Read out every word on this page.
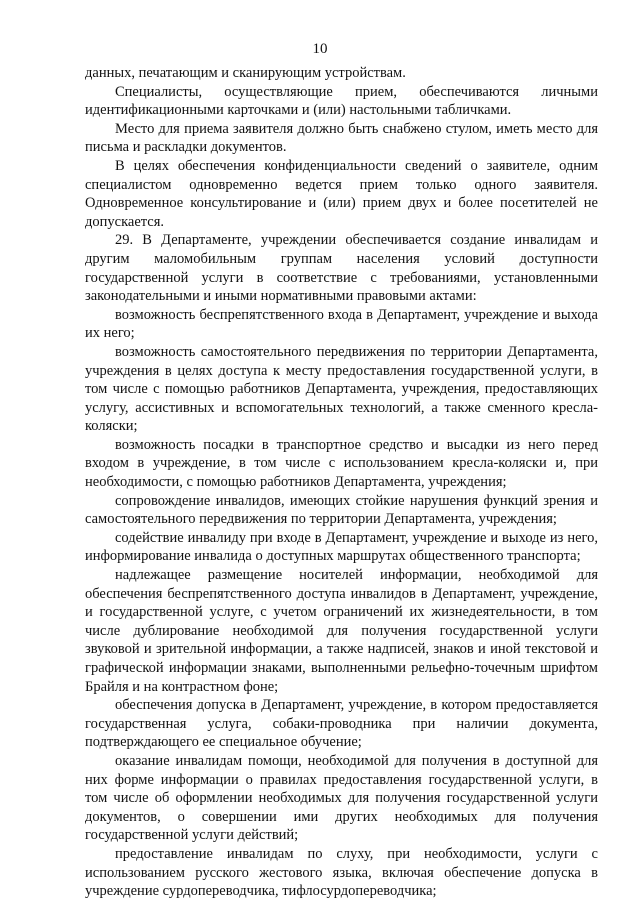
10

данных, печатающим и сканирующим устройствам.

Специалисты, осуществляющие прием, обеспечиваются личными идентификационными карточками и (или) настольными табличками.

Место для приема заявителя должно быть снабжено стулом, иметь место для письма и раскладки документов.

В целях обеспечения конфиденциальности сведений о заявителе, одним специалистом одновременно ведется прием только одного заявителя. Одновременное консультирование и (или) прием двух и более посетителей не допускается.

29. В Департаменте, учреждении обеспечивается создание инвалидам и другим маломобильным группам населения условий доступности государственной услуги в соответствие с требованиями, установленными законодательными и иными нормативными правовыми актами:

возможность беспрепятственного входа в Департамент, учреждение и выхода их него;

возможность самостоятельного передвижения по территории Департамента, учреждения в целях доступа к месту предоставления государственной услуги, в том числе с помощью работников Департамента, учреждения, предоставляющих услугу, ассистивных и вспомогательных технологий, а также сменного кресла-коляски;

возможность посадки в транспортное средство и высадки из него перед входом в учреждение, в том числе с использованием кресла-коляски и, при необходимости, с помощью работников Департамента, учреждения;

сопровождение инвалидов, имеющих стойкие нарушения функций зрения и самостоятельного передвижения по территории Департамента, учреждения;

содействие инвалиду при входе в Департамент, учреждение и выходе из него, информирование инвалида о доступных маршрутах общественного транспорта;

надлежащее размещение носителей информации, необходимой для обеспечения беспрепятственного доступа инвалидов в Департамент, учреждение, и государственной услуге, с учетом ограничений их жизнедеятельности, в том числе дублирование необходимой для получения государственной услуги звуковой и зрительной информации, а также надписей, знаков и иной текстовой и графической информации знаками, выполненными рельефно-точечным шрифтом Брайля и на контрастном фоне;

обеспечения допуска в Департамент, учреждение, в котором предоставляется государственная услуга, собаки-проводника при наличии документа, подтверждающего ее специальное обучение;

оказание инвалидам помощи, необходимой для получения в доступной для них форме информации о правилах предоставления государственной услуги, в том числе об оформлении необходимых для получения государственной услуги документов, о совершении ими других необходимых для получения государственной услуги действий;

предоставление инвалидам по слуху, при необходимости, услуги с использованием русского жестового языка, включая обеспечение допуска в учреждение сурдопереводчика, тифлосурдопереводчика;
